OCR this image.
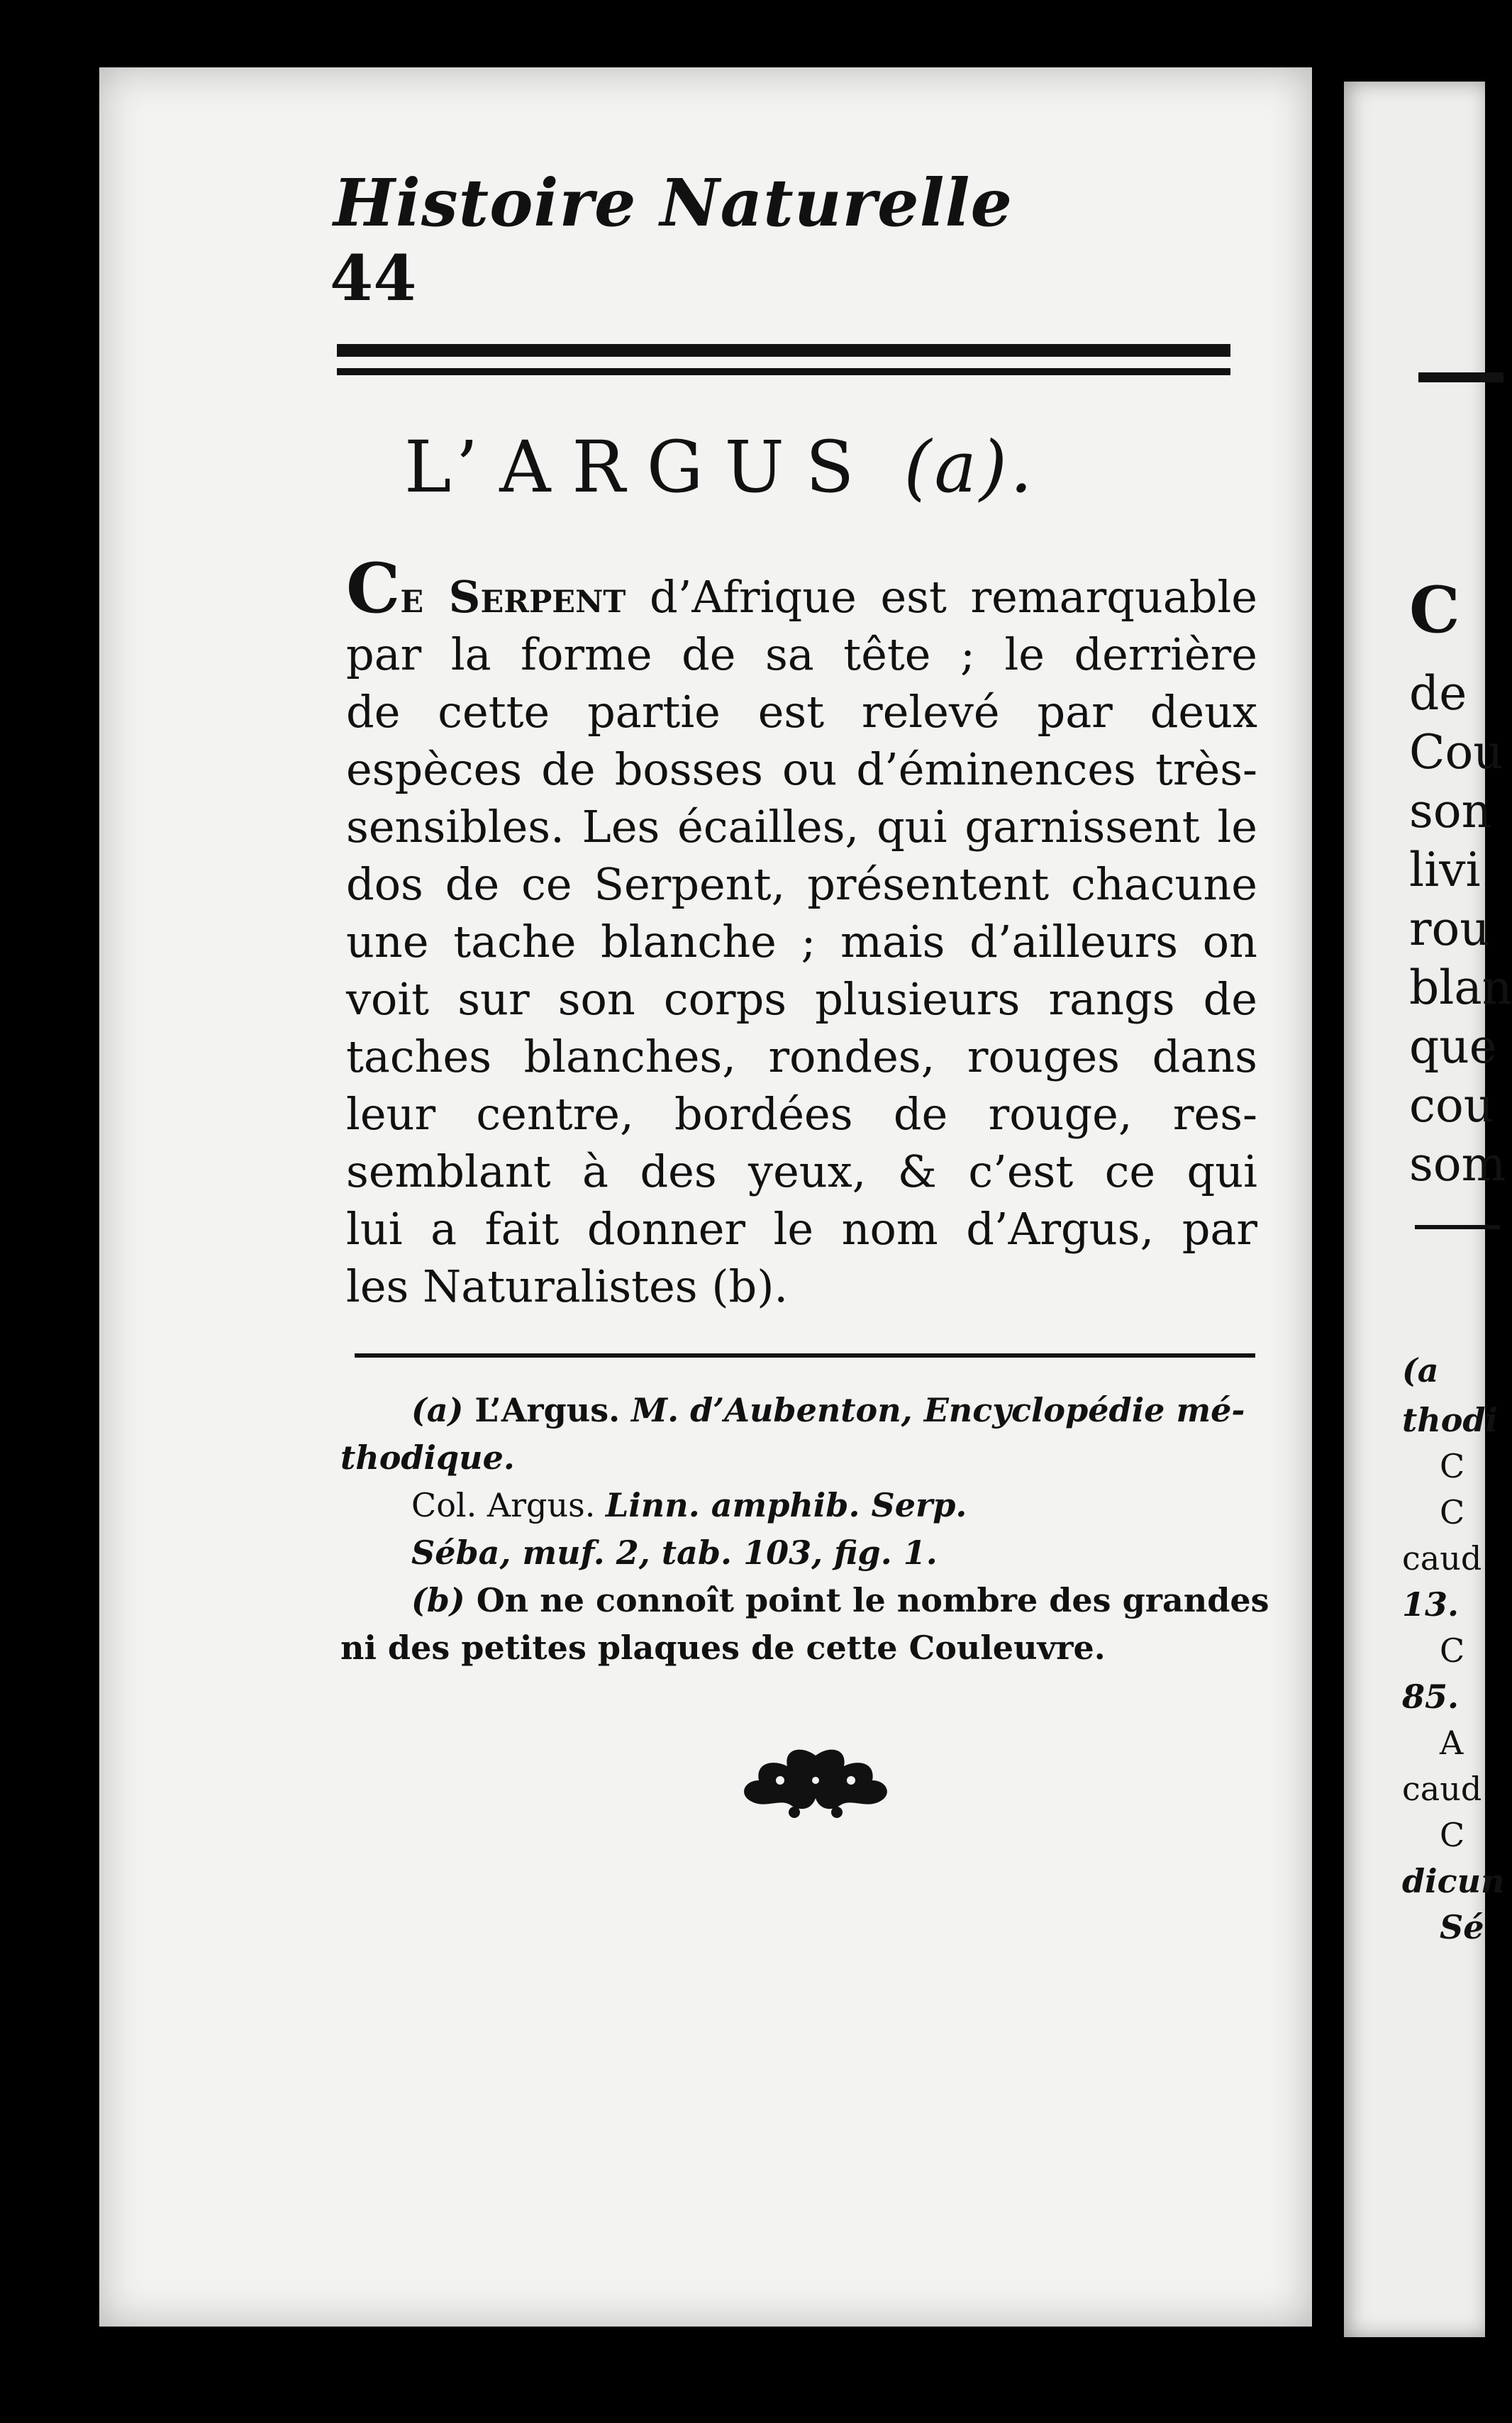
C
de
Cou
son
livi
rou
blan
que
cou
som
(a
thodi
C
C
caud
13.
C
85.
A
caud
C
dicun
Sé
44
Histoire Naturelle
L’ARGUS (a).
Ce Serpent d’Afrique est remarquable
par la forme de sa tête ; le derrière
de cette partie est relevé par deux
espèces de bosses ou d’éminences très-
sensibles. Les écailles, qui garnissent le
dos de ce Serpent, présentent chacune
une tache blanche ; mais d’ailleurs on
voit sur son corps plusieurs rangs de
taches blanches, rondes, rouges dans
leur centre, bordées de rouge, res-
semblant à des yeux, & c’est ce qui
lui a fait donner le nom d’Argus, par
les Naturalistes (b).
(a) L’Argus. M. d’Aubenton, Encyclopédie mé-
thodique.
Col. Argus. Linn. amphib. Serp.
Séba, muf. 2, tab. 103, fig. 1.
(b) On ne connoît point le nombre des grandes
ni des petites plaques de cette Couleuvre.
